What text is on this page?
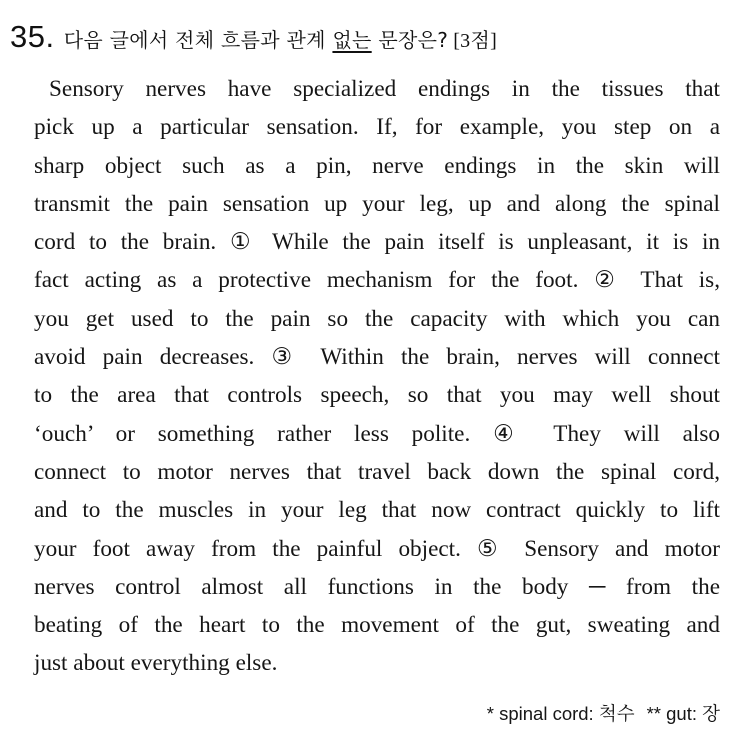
35. 다음 글에서 전체 흐름과 관계 없는 문장은? [3점]
Sensory nerves have specialized endings in the tissues that
pick up a particular sensation. If, for example, you step on a
sharp object such as a pin, nerve endings in the skin will
transmit the pain sensation up your leg, up and along the spinal
cord to the brain. ① While the pain itself is unpleasant, it is in
fact acting as a protective mechanism for the foot. ② That is,
you get used to the pain so the capacity with which you can
avoid pain decreases. ③ Within the brain, nerves will connect
to the area that controls speech, so that you may well shout
‘ouch’ or something rather less polite. ④ They will also
connect to motor nerves that travel back down the spinal cord,
and to the muscles in your leg that now contract quickly to lift
your foot away from the painful object. ⑤ Sensory and motor
nerves control almost all functions in the body ─ from the
beating of the heart to the movement of the gut, sweating and
just about everything else.
* spinal cord: 척수 ** gut: 장
